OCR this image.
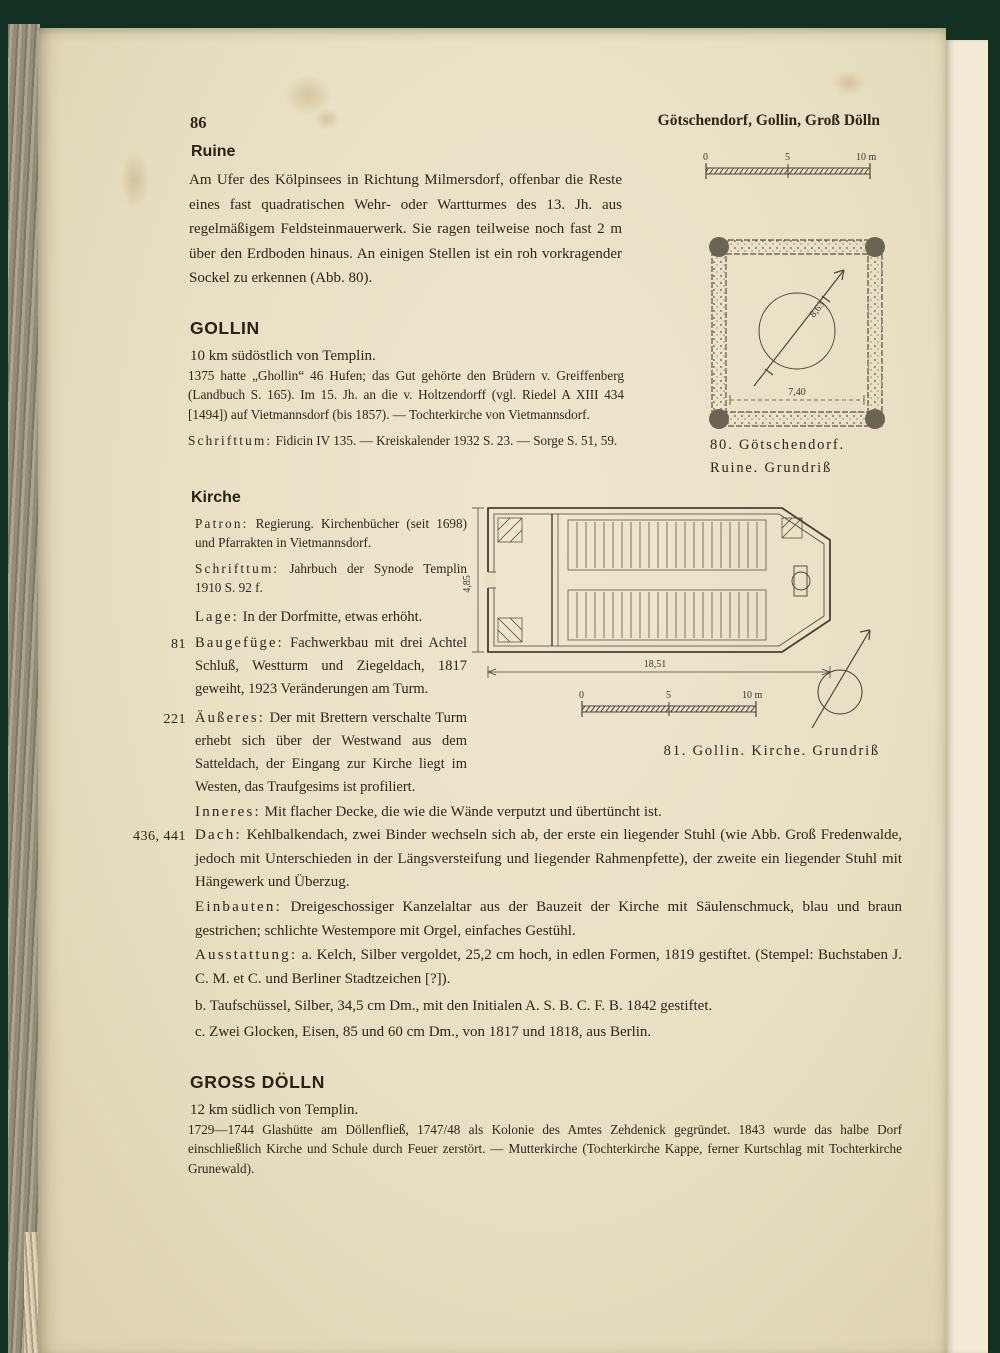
86	Götschendorf, Gollin, Groß Dölln
Ruine
Am Ufer des Kölpinsees in Richtung Milmersdorf, offenbar die Reste eines fast quadratischen Wehr- oder Wartturmes des 13. Jh. aus regelmäßigem Feldsteinmauerwerk. Sie ragen teilweise noch fast 2 m über den Erdboden hinaus. An einigen Stellen ist ein roh vorkragender Sockel zu erkennen (Abb. 80).
0	5	10 m
8,63
7,40
80. Götschendorf.
Ruine. Grundriß
GOLLIN
10 km südöstlich von Templin.
1375 hatte „Ghollin“ 46 Hufen; das Gut gehörte den Brüdern v. Greiffenberg (Landbuch S. 165). Im 15. Jh. an die v. Holtzendorff (vgl. Riedel A XIII 434 [1494]) auf Vietmannsdorf (bis 1857). — Tochterkirche von Vietmannsdorf.
Schrifttum: Fidicin IV 135. — Kreiskalender 1932 S. 23. — Sorge S. 51, 59.
Kirche

Patron: Regierung. Kirchenbücher (seit 1698) und Pfarrakten in Vietmannsdorf.

Schrifttum: Jahrbuch der Synode Templin 1910 S. 92 f.

Lage: In der Dorfmitte, etwas erhöht.

81 Baugefüge: Fachwerkbau mit drei Achtel Schluß, Westturm und Ziegeldach, 1817 geweiht, 1923 Veränderungen am Turm.

221 Äußeres: Der mit Brettern verschalte Turm erhebt sich über der Westwand aus dem Satteldach, der Eingang zur Kirche liegt im Westen, das Traufgesims ist profiliert.

18,51
4,85
0	5	10 m
81. Gollin. Kirche. Grundriß
Inneres: Mit flacher Decke, die wie die Wände verputzt und übertüncht ist.
436, 441 Dach: Kehlbalkendach, zwei Binder wechseln sich ab, der erste ein liegender Stuhl (wie Abb. Groß Fredenwalde, jedoch mit Unterschieden in der Längsversteifung und liegender Rahmenpfette), der zweite ein liegender Stuhl mit Hängewerk und Überzug.
Einbauten: Dreigeschossiger Kanzelaltar aus der Bauzeit der Kirche mit Säulenschmuck, blau und braun gestrichen; schlichte Westempore mit Orgel, einfaches Gestühl.
Ausstattung: a. Kelch, Silber vergoldet, 25,2 cm hoch, in edlen Formen, 1819 gestiftet. (Stempel: Buchstaben J. C. M. et C. und Berliner Stadtzeichen [?]).
b. Taufschüssel, Silber, 34,5 cm Dm., mit den Initialen A. S. B. C. F. B. 1842 gestiftet.
c. Zwei Glocken, Eisen, 85 und 60 cm Dm., von 1817 und 1818, aus Berlin.
GROSS DÖLLN
12 km südlich von Templin.
1729—1744 Glashütte am Döllenfließ, 1747/48 als Kolonie des Amtes Zehdenick gegründet. 1843 wurde das halbe Dorf einschließlich Kirche und Schule durch Feuer zerstört. — Mutterkirche (Tochterkirche Kappe, ferner Kurtschlag mit Tochterkirche Grunewald).
